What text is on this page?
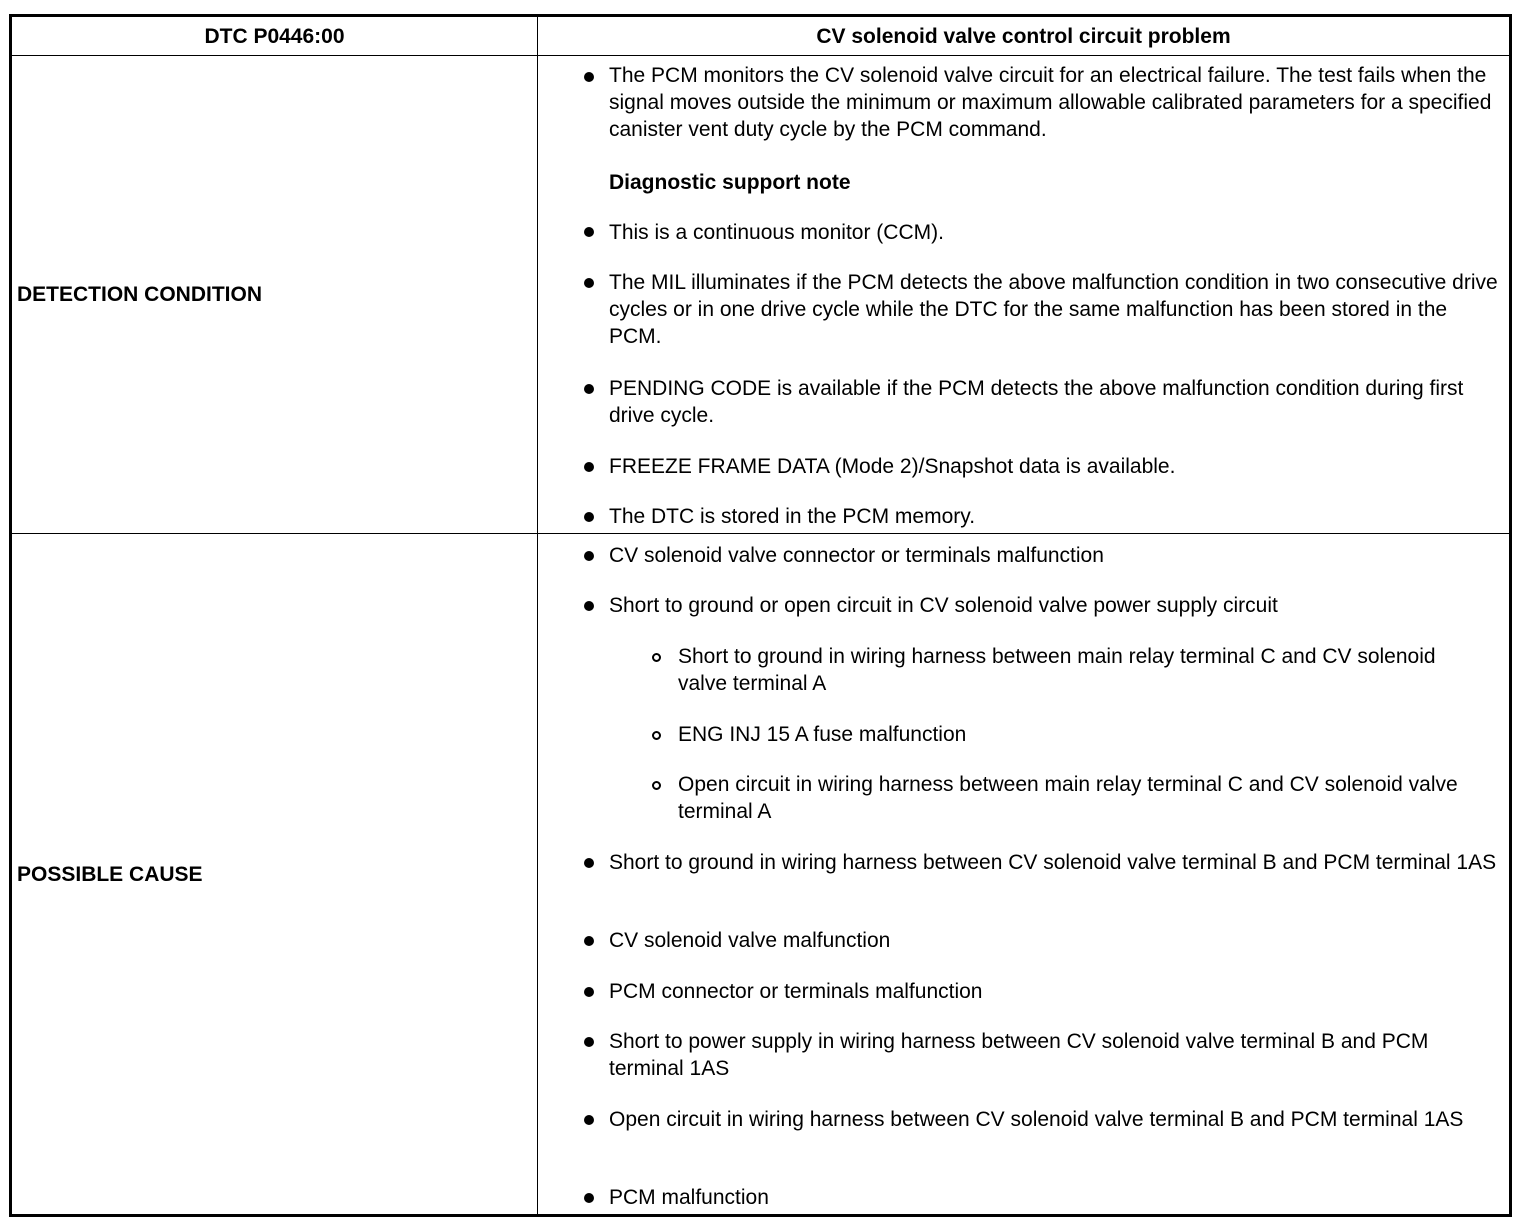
DTC P0446:00	CV solenoid valve control circuit problem
DETECTION CONDITION
POSSIBLE CAUSE
The PCM monitors the CV solenoid valve circuit for an electrical failure. The test fails when the signal moves outside the minimum or maximum allowable calibrated parameters for a specified canister vent duty cycle by the PCM command.
Diagnostic support note
This is a continuous monitor (CCM).
The MIL illuminates if the PCM detects the above malfunction condition in two consecutive drive cycles or in one drive cycle while the DTC for the same malfunction has been stored in the PCM.
PENDING CODE is available if the PCM detects the above malfunction condition during first drive cycle.
FREEZE FRAME DATA (Mode 2)/Snapshot data is available.
The DTC is stored in the PCM memory.
CV solenoid valve connector or terminals malfunction
Short to ground or open circuit in CV solenoid valve power supply circuit
Short to ground in wiring harness between main relay terminal C and CV solenoid valve terminal A
ENG INJ 15 A fuse malfunction
Open circuit in wiring harness between main relay terminal C and CV solenoid valve terminal A
Short to ground in wiring harness between CV solenoid valve terminal B and PCM terminal 1AS
CV solenoid valve malfunction
PCM connector or terminals malfunction
Short to power supply in wiring harness between CV solenoid valve terminal B and PCM terminal 1AS
Open circuit in wiring harness between CV solenoid valve terminal B and PCM terminal 1AS
PCM malfunction
